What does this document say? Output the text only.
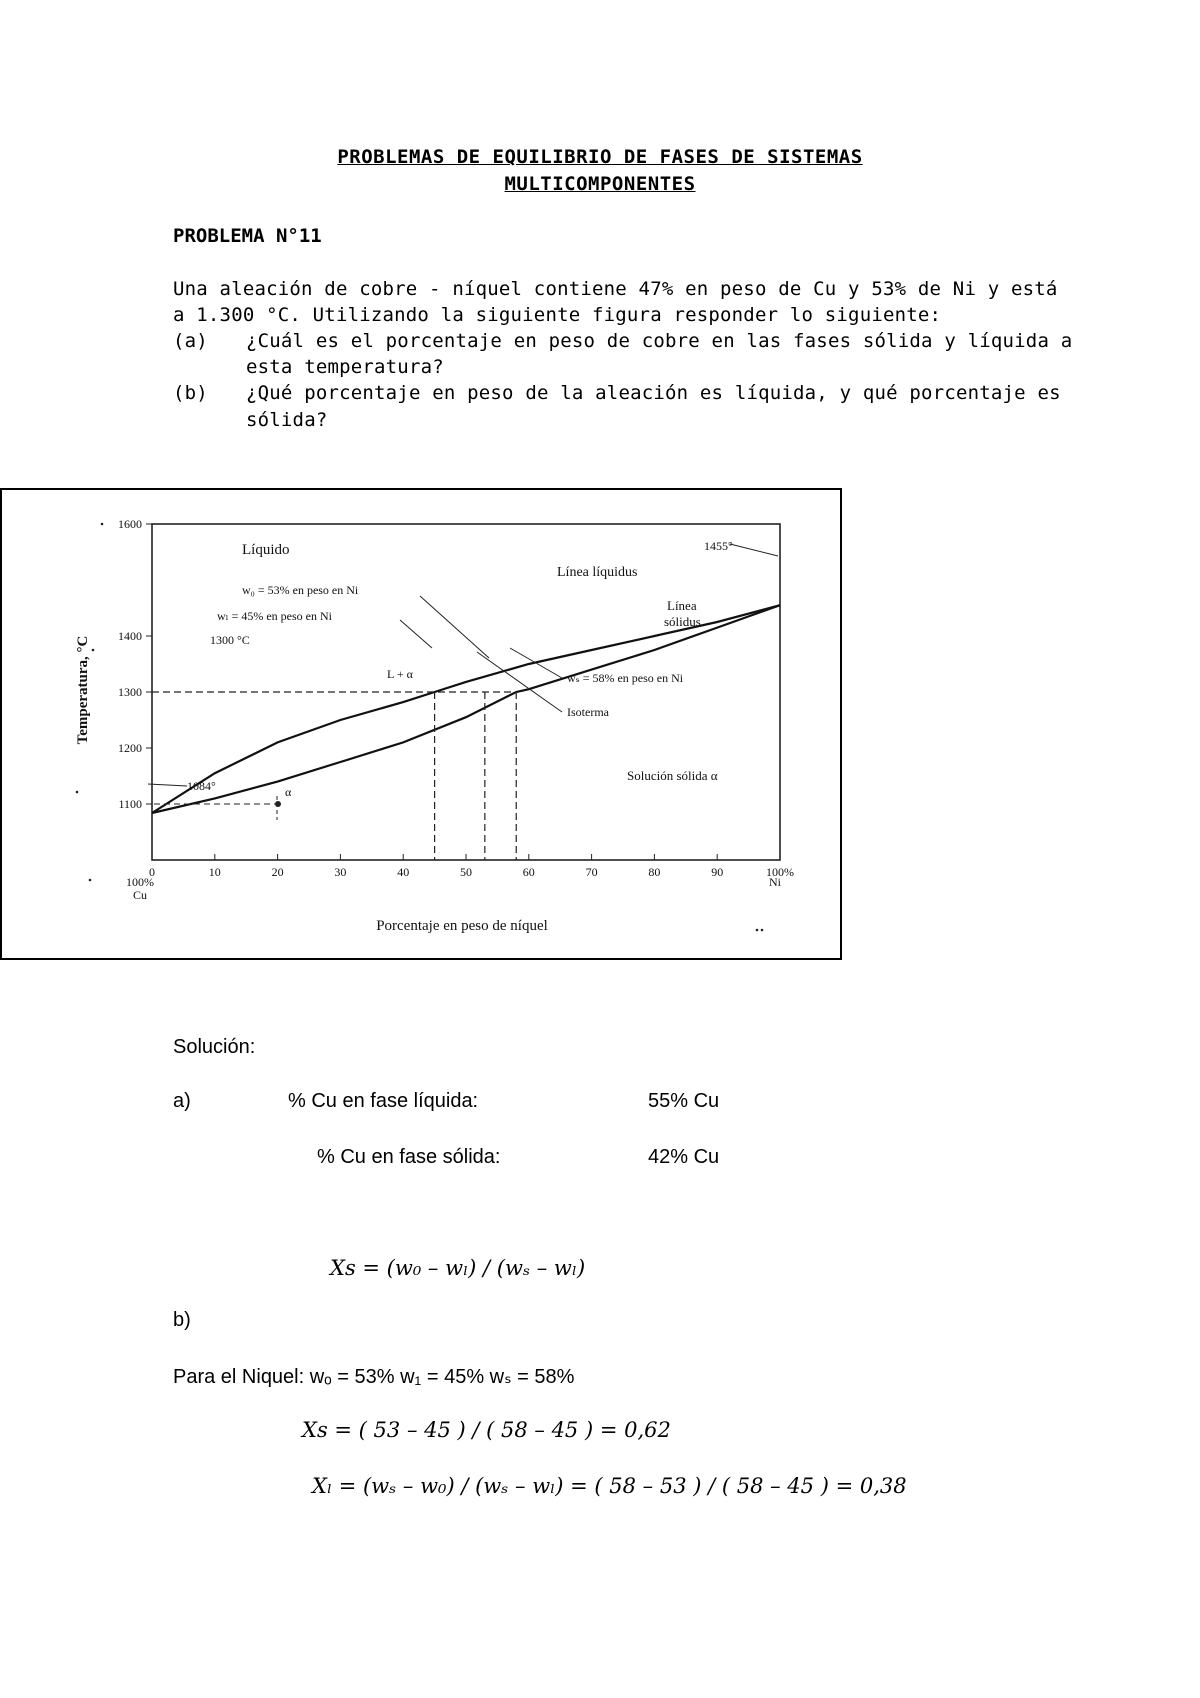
PROBLEMAS DE EQUILIBRIO DE FASES DE SISTEMAS
MULTICOMPONENTES
PROBLEMA N°11
Una aleación de cobre - níquel contiene 47% en peso de Cu y 53% de Ni y está
a 1.300 °C. Utilizando la siguiente figura responder lo siguiente:
(a) ¿Cuál es el porcentaje en peso de cobre en las fases sólida y líquida a
esta temperatura?
(b) ¿Qué porcentaje en peso de la aleación es líquida, y qué porcentaje es
sólida?
0	10	20	30	40	50	60	70	80	90	100%
1600
1400
1300
1200
1100
Temperatura, °C
Porcentaje en peso de níquel
100%
Cu
Ni
Líquido
Línea líquidus
Línea
sólidus
1455°
1084°
1300 °C
w₀ = 53% en peso en Ni
wₗ = 45% en peso en Ni
wₛ = 58% en peso en Ni
Isoterma
L + α
Solución sólida α
α
Solución:
a)	% Cu en fase líquida:	55% Cu
% Cu en fase sólida:	42% Cu
Xs = (w₀ – wₗ) / (wₛ – wₗ)
b)
Para el Niquel: wₒ = 53% w₁ = 45% wₛ = 58%
Xs = ( 53 – 45 ) / ( 58 – 45 ) = 0,62
Xₗ = (wₛ – w₀) / (wₛ – wₗ) = ( 58 – 53 ) / ( 58 – 45 ) = 0,38
